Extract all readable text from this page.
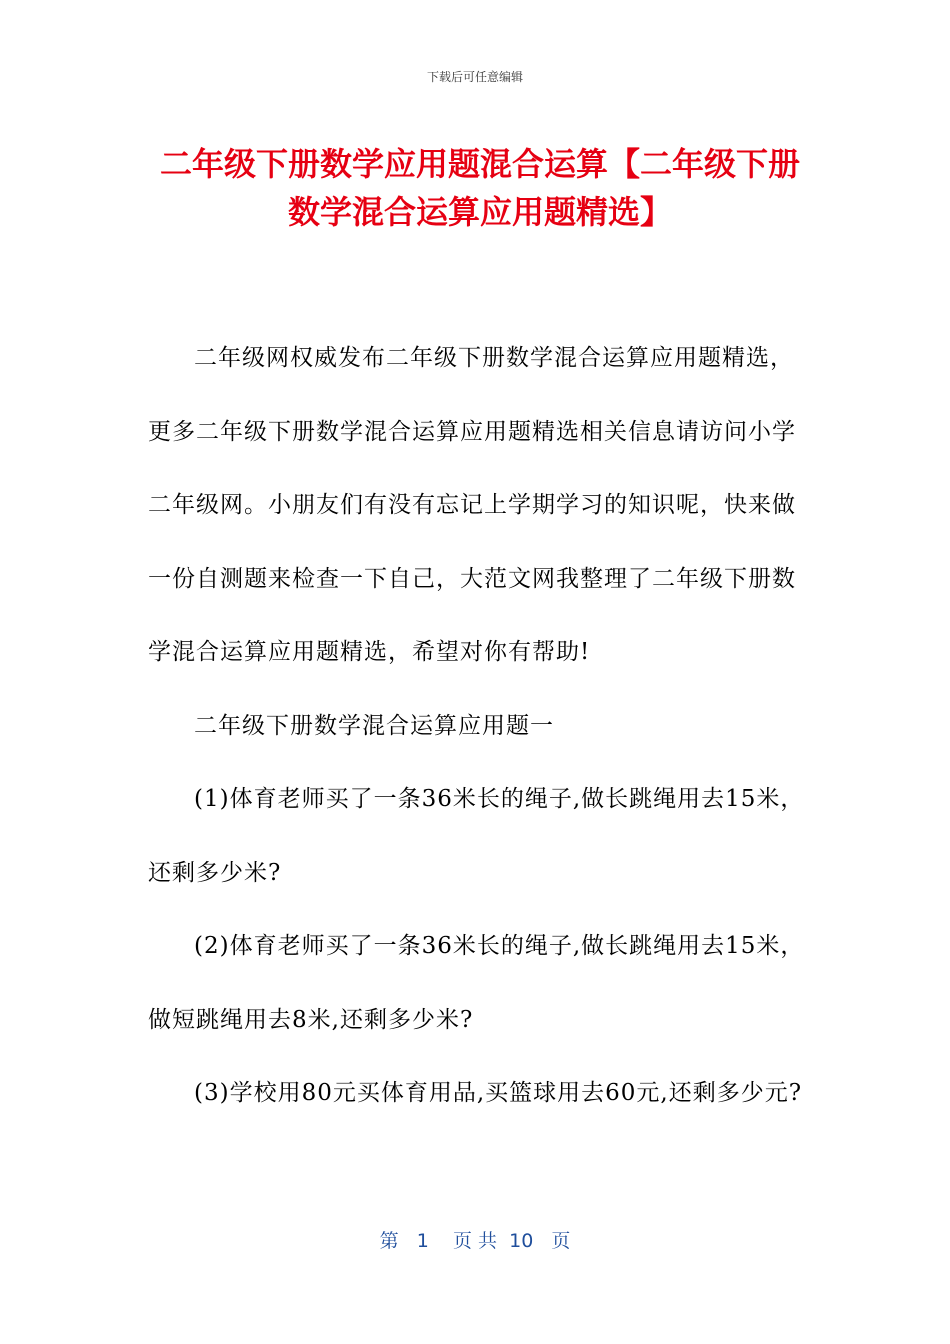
下载后可任意编辑
二年级下册数学应用题混合运算【二年级下册数学混合运算应用题精选】

二年级网权威发布二年级下册数学混合运算应用题精选，更多二年级下册数学混合运算应用题精选相关信息请访问小学二年级网。小朋友们有没有忘记上学期学习的知识呢，快来做一份自测题来检查一下自己，大范文网我整理了二年级下册数学混合运算应用题精选，希望对你有帮助!

二年级下册数学混合运算应用题一

(1)体育老师买了一条36米长的绳子,做长跳绳用去15米，还剩多少米?

(2)体育老师买了一条36米长的绳子,做长跳绳用去15米，做短跳绳用去8米,还剩多少米?

(3)学校用80元买体育用品,买篮球用去60元,还剩多少元?

第 1 页 共 10 页
